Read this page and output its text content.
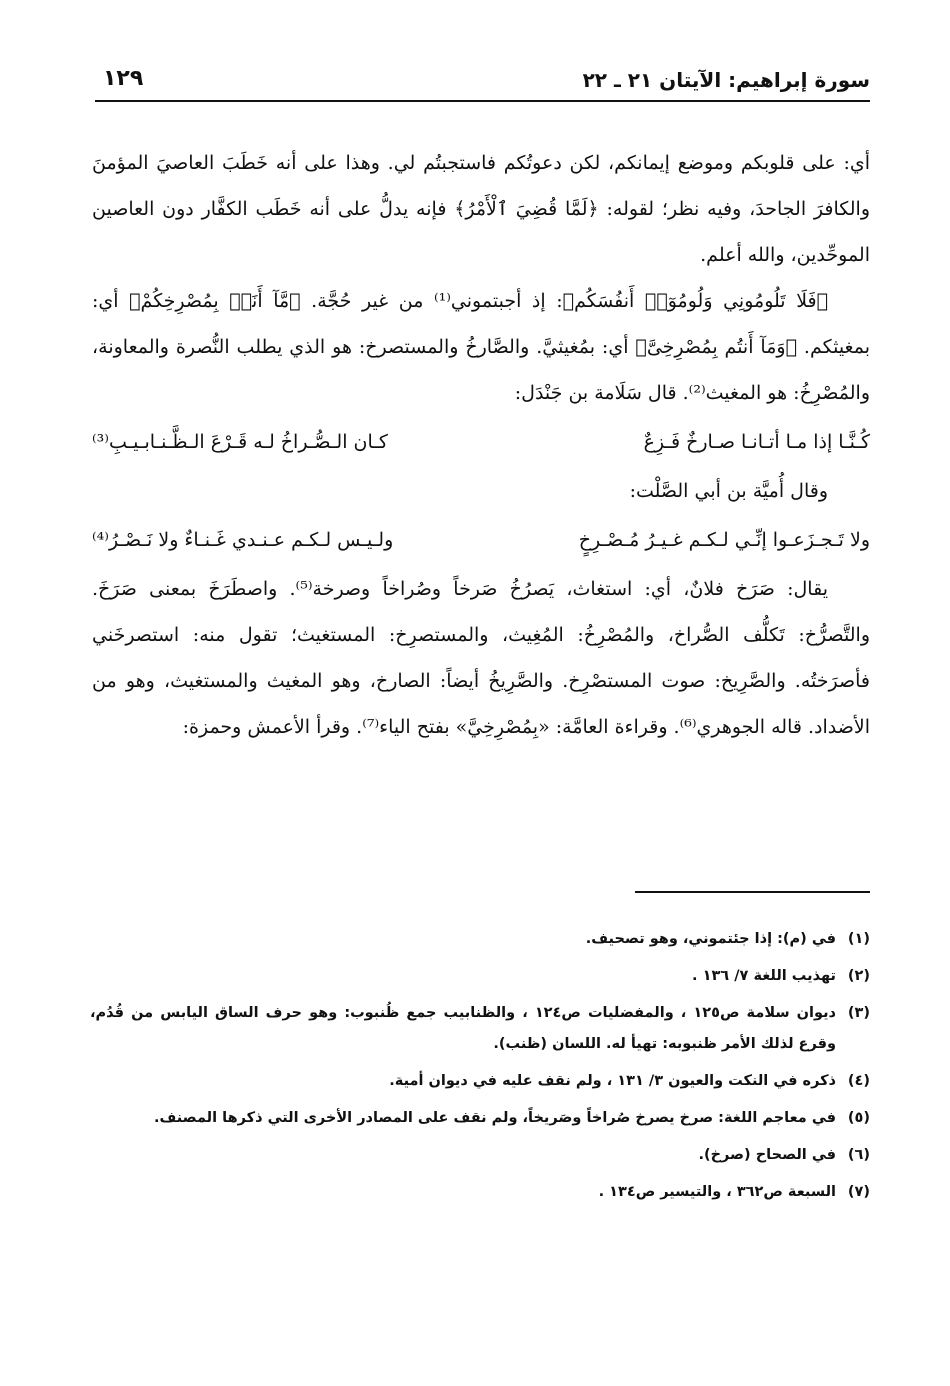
سورة إبراهيم: الآيتان ٢١ ـ ٢٢
١٢٩

أي: على قلوبكم وموضع إيمانكم، لكن دعوتُكم فاستجبتُم لي. وهذا على أنه خَطَبَ العاصيَ المؤمنَ والكافرَ الجاحدَ، وفيه نظر؛ لقوله: ﴿لَمَّا قُضِيَ ٱلْأَمْرُ﴾ فإنه يدلُّ على أنه خَطَب الكفَّار دون العاصين الموحِّدين، والله أعلم.

﴿فَلَا تَلُومُونِي وَلُومُوٓا۟ أَنفُسَكُم﴾: إذ أجبتموني⁽¹⁾ من غير حُجَّة. ﴿مَّآ أَنَا۠ بِمُصْرِخِكُمْ﴾ أي: بمغيثكم. ﴿وَمَآ أَنتُم بِمُصْرِخِىَّ﴾ أي: بمُغيثيَّ. والصَّارخُ والمستصرخ: هو الذي يطلب النُّصرة والمعاونة، والمُصْرِخُ: هو المغيث⁽²⁾. قال سَلَامة بن جَنْدَل:

كُـنَّـا إذا مـا أتـانـا صـارخٌ فَـزِعٌ
كـان الـصُّـراخُ لـه قَـرْعَ الـظَّـنـابـيـبِ⁽³⁾

وقال أُميَّة بن أبي الصَّلْت:

ولا تَـجـزَعـوا إنِّـي لـكـم غـيـرُ مُـصْـرِخٍ
ولـيـس لـكـم عـنـدي غَـنـاءٌ ولا نَـصْـرُ⁽⁴⁾

يقال: صَرَخ فلانٌ، أي: استغاث، يَصرُخُ صَرخاً وصُراخاً وصرخة⁽⁵⁾. واصطَرَخَ بمعنى صَرَخَ. والتَّصرُّخ: تَكلُّف الصُّراخ، والمُصْرِخُ: المُغِيث، والمستصرِخ: المستغيث؛ تقول منه: استصرخَني فأصرَختُه. والصَّرِيخ: صوت المستصْرِخ. والصَّرِيخُ أيضاً: الصارخ، وهو المغيث والمستغيث، وهو من الأضداد. قاله الجوهري⁽⁶⁾. وقراءة العامَّة: «بِمُصْرِخِيَّ» بفتح الياء⁽⁷⁾. وقرأ الأعمش وحمزة:

(١)
في (م): إذا جئتموني، وهو تصحيف.
(٢)
تهذيب اللغة ٧/ ١٣٦ .
(٣)
ديوان سلامة ص١٢٥ ، والمفضليات ص١٢٤ ، والظنابيب جمع ظُنبوب: وهو حرف الساق اليابس من قُدُم، وقرع لذلك الأمر ظنبوبه: تهيأ له. اللسان (ظنب).
(٤)
ذكره في النكت والعيون ٣/ ١٣١ ، ولم نقف عليه في ديوان أمية.
(٥)
في معاجم اللغة: صرخ يصرخ صُراخاً وصَريخاً، ولم نقف على المصادر الأخرى التي ذكرها المصنف.
(٦)
في الصحاح (صرخ).
(٧)
السبعة ص٣٦٢ ، والتيسير ص١٣٤ .
